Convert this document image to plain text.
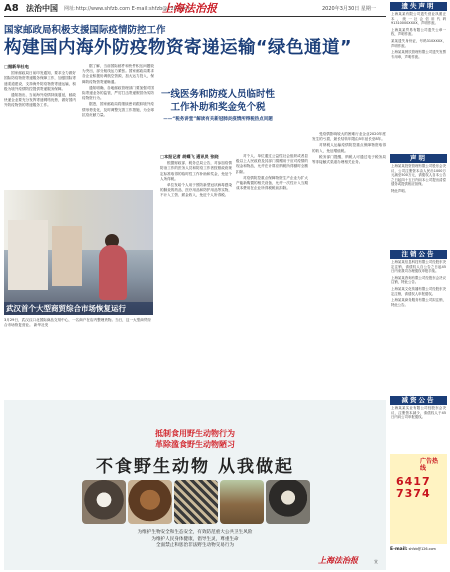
A8 法治中国 网址:http://www.shfzb.com E-mail:shfzb@126.com
上海法治报	2020年3月30日 星期一
国家邮政局积极支援国际疫情防控工作
构建国内海外防疫物资寄递运输“绿色通道”
□据新华社电

国家邮政局日前印发通知，要求全力做好国际防疫物资寄递服务保障工作，加强国际寄递渠道建设，支持海外防疫物资寄递运输，积极为境外疫情防控提供寄递服务保障。

通知指出，当前海外疫情持续蔓延，邮政快递企业要充分发挥寄递网络优势，做好国内外防疫物资的寄递服务工作。

据了解，当前国际邮件和快件积压问题较为突出，部分航线运力紧张。国家邮政局要求各企业积极协调航空资源，加大运力投入，保障防疫物资寄递畅通。

通知明确，各地邮政管理部门要加强对国际寄递业务的监管，严厉打击寄递假冒伪劣防疫物资行为。

据悉，国家邮政局将继续密切跟踪境外疫情形势变化，及时调整完善工作措施，为全球抗疫贡献力量。

□本报记者 胡蝶飞 通讯员 张晓

根据财政部、税务总局公告，对参加疫情防治工作的医务人员和防疫工作者按照政府规定标准取得的临时性工作补助和奖金，免征个人所得税。

单位发给个人用于预防新型冠状病毒感染的肺炎的药品、医疗用品和防护用品等实物，不计入工资、薪金收入，免征个人所得税。

对个人、单位通过公益性社会组织或者县级以上人民政府及其部门捐赠用于应对疫情的现金和物品，允许在计算应纳税所得额时全额扣除。

对疫情防控重点保障物资生产企业为扩大产能新购置的相关设备，允许一次性计入当期成本费用在企业所得税税前扣除。

受疫情影响较大的困难行业企业2020年度发生的亏损，最长结转年限由5年延长至8年。

对纳税人运输疫情防控重点保障物资取得的收入，免征增值税。

税务部门提醒，纳税人可通过电子税务局等非接触式渠道办理相关业务。

一线医务和防疫人员临时性工作补助和奖金免个税
——“税务讲堂”解读有关新冠肺炎疫情所得税热点问题
武汉首个大型商贸综合市场恢复运行
3月29日，武汉汉口北国际商品交易中心，一名商户在店内整理货物。当日，这一大型商贸综合市场恢复营业。 新华社发
抵制食用野生动物行为
革除滥食野生动物陋习
不食野生动物 从我做起
为维护生物安全和生态安全，有效防范重大公共卫生风险
为维护人民身体健康，倡导生灵，尊重生命
全面禁止和惩治非法野生动物交易行为
上海法治报	宣
遗失声明

上海某某有限公司遗失营业执照正本，统一社会信用代码91310000XXXX，声明作废。

上海某某贸易有限公司遗失公章一枚，声明作废。

某某遗失身份证，号码310XXXX，声明作废。

上海某某餐饮管理有限公司遗失发票专用章，声明作废。

声明

上海某某投资管理有限公司股东会决议，公司注册资本由人民币1000万元减至500万元，请债权人自本公告之日起四十五日内向本公司提出清偿债务或提供相应担保。

特此声明。

注销公告

上海某某信息科技有限公司经股东决定注销，请债权人自公告之日起45日内来我司办理债权申报手续。

上海某某咨询有限公司经股东会决议注销，特此公告。

上海某某文化传播有限公司经股东决定注销，请债权人申报债权。

上海某某商务服务有限公司拟注销，特此公告。

减资公告

上海某某实业有限公司经股东会决议，注册资本减少，请债权人于45日内向公司申报债权。

广告热线
64177374
E-mail: shfzb@126.com
